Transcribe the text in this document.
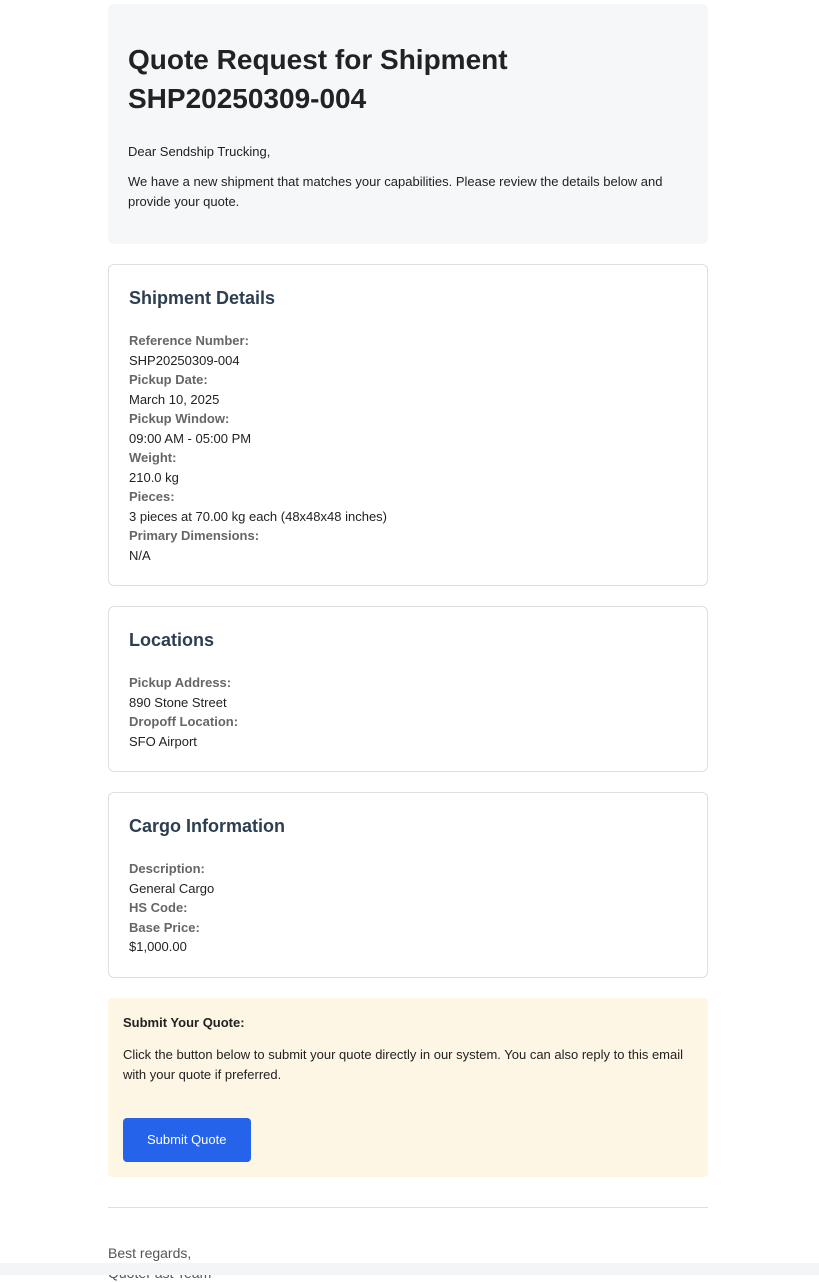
Quote Request for Shipment SHP20250309-004

Dear Sendship Trucking,

We have a new shipment that matches your capabilities. Please review the details below and provide your quote.

Shipment Details
Reference Number:
SHP20250309-004
Pickup Date:
March 10, 2025
Pickup Window:
09:00 AM - 05:00 PM
Weight:
210.0 kg
Pieces:
3 pieces at 70.00 kg each (48x48x48 inches)
Primary Dimensions:
N/A
Locations
Pickup Address:
890 Stone Street
Dropoff Location:
SFO Airport
Cargo Information
Description:
General Cargo
HS Code:
Base Price:
$1,000.00
Submit Your Quote:
Click the button below to submit your quote directly in our system. You can also reply to this email with your quote if preferred.
Submit Quote
Best regards,
